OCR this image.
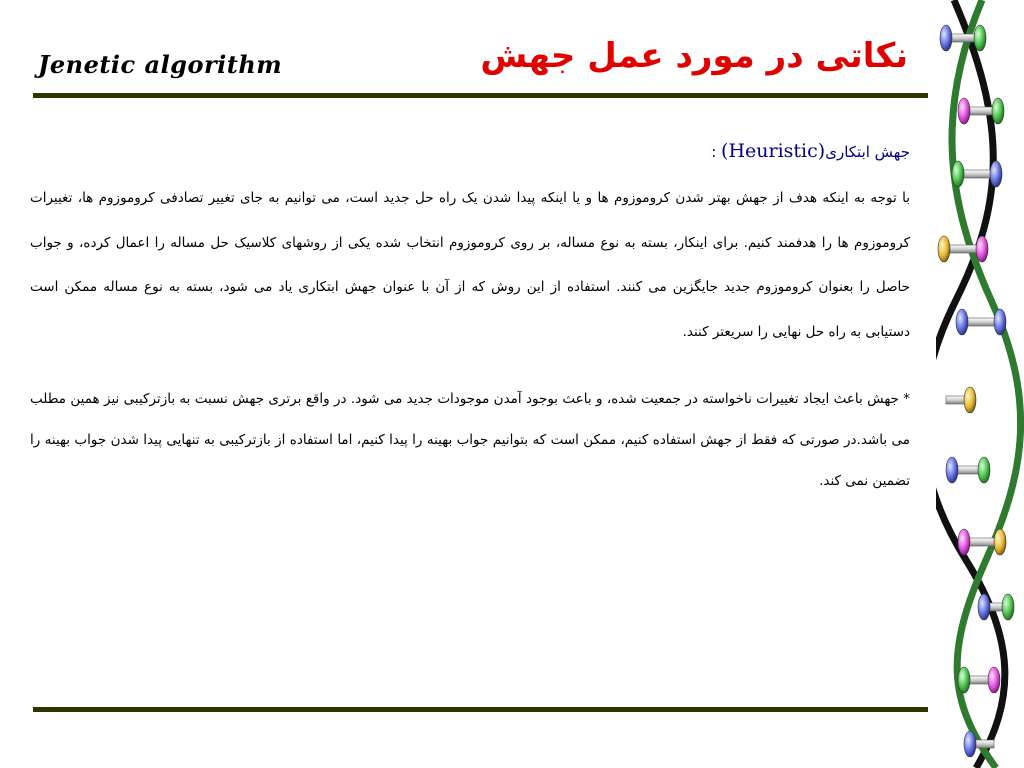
Jenetic algorithm	نکاتی در مورد عمل جهش
جهش ابتکاری(Heuristic) :
با توجه به اینکه هدف از جهش بهتر شدن کروموزوم ها و یا اینکه پیدا شدن یک راه حل جدید است، می توانیم به جای تغییر تصادفی کروموزوم ها، تغییرات کروموزوم ها را هدفمند کنیم. برای اینکار، بسته به نوع مساله، بر روی کروموزوم انتخاب شده یکی از روشهای کلاسیک حل مساله را اعمال کرده، و جواب حاصل را بعنوان کروموزوم جدید جایگزین می کنند. استفاده از این روش که از آن با عنوان جهش ابتکاری یاد می شود، بسته به نوع مساله ممکن است دستیابی به راه حل نهایی را سریعتر کنند.
* جهش باعث ایجاد تغییرات ناخواسته در جمعیت شده، و باعث بوجود آمدن موجودات جدید می شود. در واقع برتری جهش نسبت به بازترکیبی نیز همین مطلب می باشد.در صورتی که فقط از جهش استفاده کنیم، ممکن است که بتوانیم جواب بهینه را پیدا کنیم، اما استفاده از بازترکیبی به تنهایی پیدا شدن جواب بهینه را تضمین نمی کند.
